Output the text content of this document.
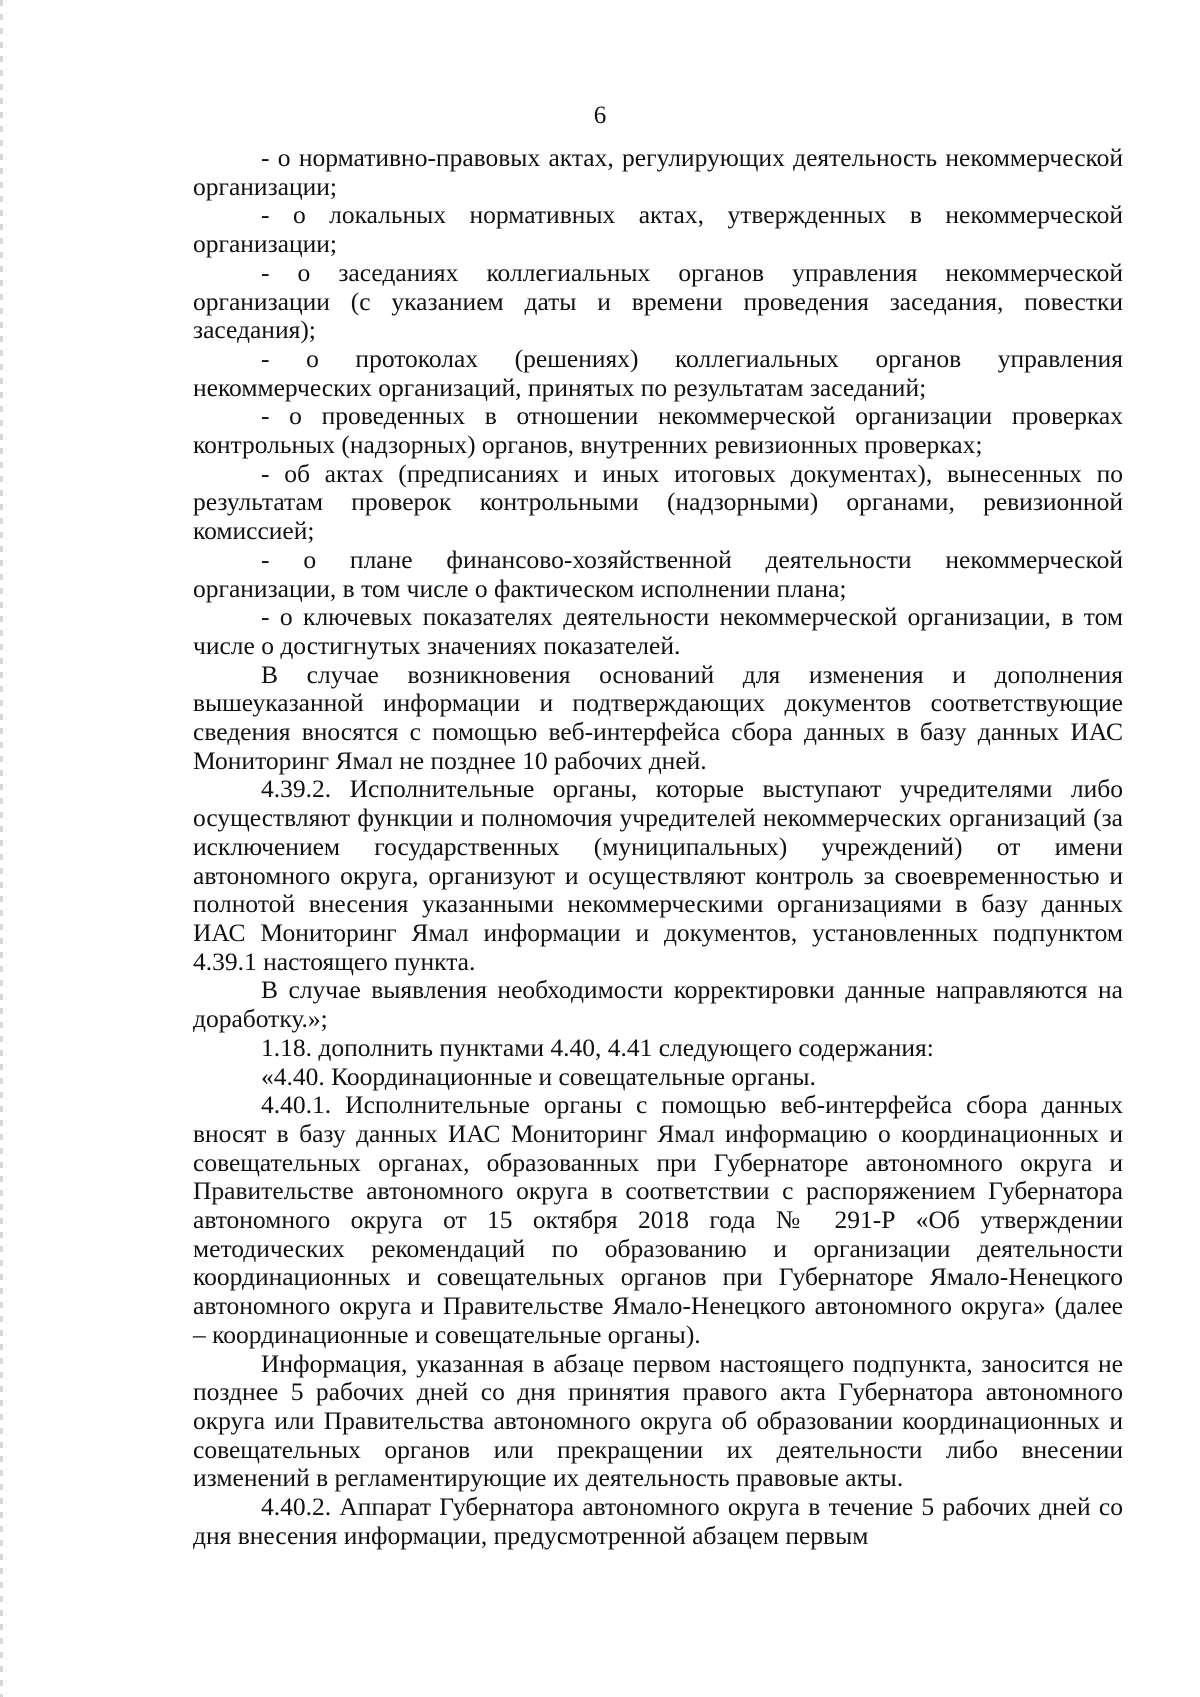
6

- о нормативно-правовых актах, регулирующих деятельность некоммерческой организации;

- о локальных нормативных актах, утвержденных в некоммерческой организации;

- о заседаниях коллегиальных органов управления некоммерческой организации (с указанием даты и времени проведения заседания, повестки заседания);

- о протоколах (решениях) коллегиальных органов управления некоммерческих организаций, принятых по результатам заседаний;

- о проведенных в отношении некоммерческой организации проверках контрольных (надзорных) органов, внутренних ревизионных проверках;

- об актах (предписаниях и иных итоговых документах), вынесенных по результатам проверок контрольными (надзорными) органами, ревизионной комиссией;

- о плане финансово-хозяйственной деятельности некоммерческой организации, в том числе о фактическом исполнении плана;

- о ключевых показателях деятельности некоммерческой организации, в том числе о достигнутых значениях показателей.

В случае возникновения оснований для изменения и дополнения вышеуказанной информации и подтверждающих документов соответствующие сведения вносятся с помощью веб-интерфейса сбора данных в базу данных ИАС Мониторинг Ямал не позднее 10 рабочих дней.

4.39.2. Исполнительные органы, которые выступают учредителями либо осуществляют функции и полномочия учредителей некоммерческих организаций (за исключением государственных (муниципальных) учреждений) от имени автономного округа, организуют и осуществляют контроль за своевременностью и полнотой внесения указанными некоммерческими организациями в базу данных ИАС Мониторинг Ямал информации и документов, установленных подпунктом 4.39.1 настоящего пункта.

В случае выявления необходимости корректировки данные направляются на доработку.»;

1.18. дополнить пунктами 4.40, 4.41 следующего содержания:

«4.40. Координационные и совещательные органы.

4.40.1. Исполнительные органы с помощью веб-интерфейса сбора данных вносят в базу данных ИАС Мониторинг Ямал информацию о координационных и совещательных органах, образованных при Губернаторе автономного округа и Правительстве автономного округа в соответствии с распоряжением Губернатора автономного округа от 15 октября 2018 года № 291-Р «Об утверждении методических рекомендаций по образованию и организации деятельности координационных и совещательных органов при Губернаторе Ямало-Ненецкого автономного округа и Правительстве Ямало-Ненецкого автономного округа» (далее – координационные и совещательные органы).

Информация, указанная в абзаце первом настоящего подпункта, заносится не позднее 5 рабочих дней со дня принятия правого акта Губернатора автономного округа или Правительства автономного округа об образовании координационных и совещательных органов или прекращении их деятельности либо внесении изменений в регламентирующие их деятельность правовые акты.

4.40.2. Аппарат Губернатора автономного округа в течение 5 рабочих дней со дня внесения информации, предусмотренной абзацем первым
